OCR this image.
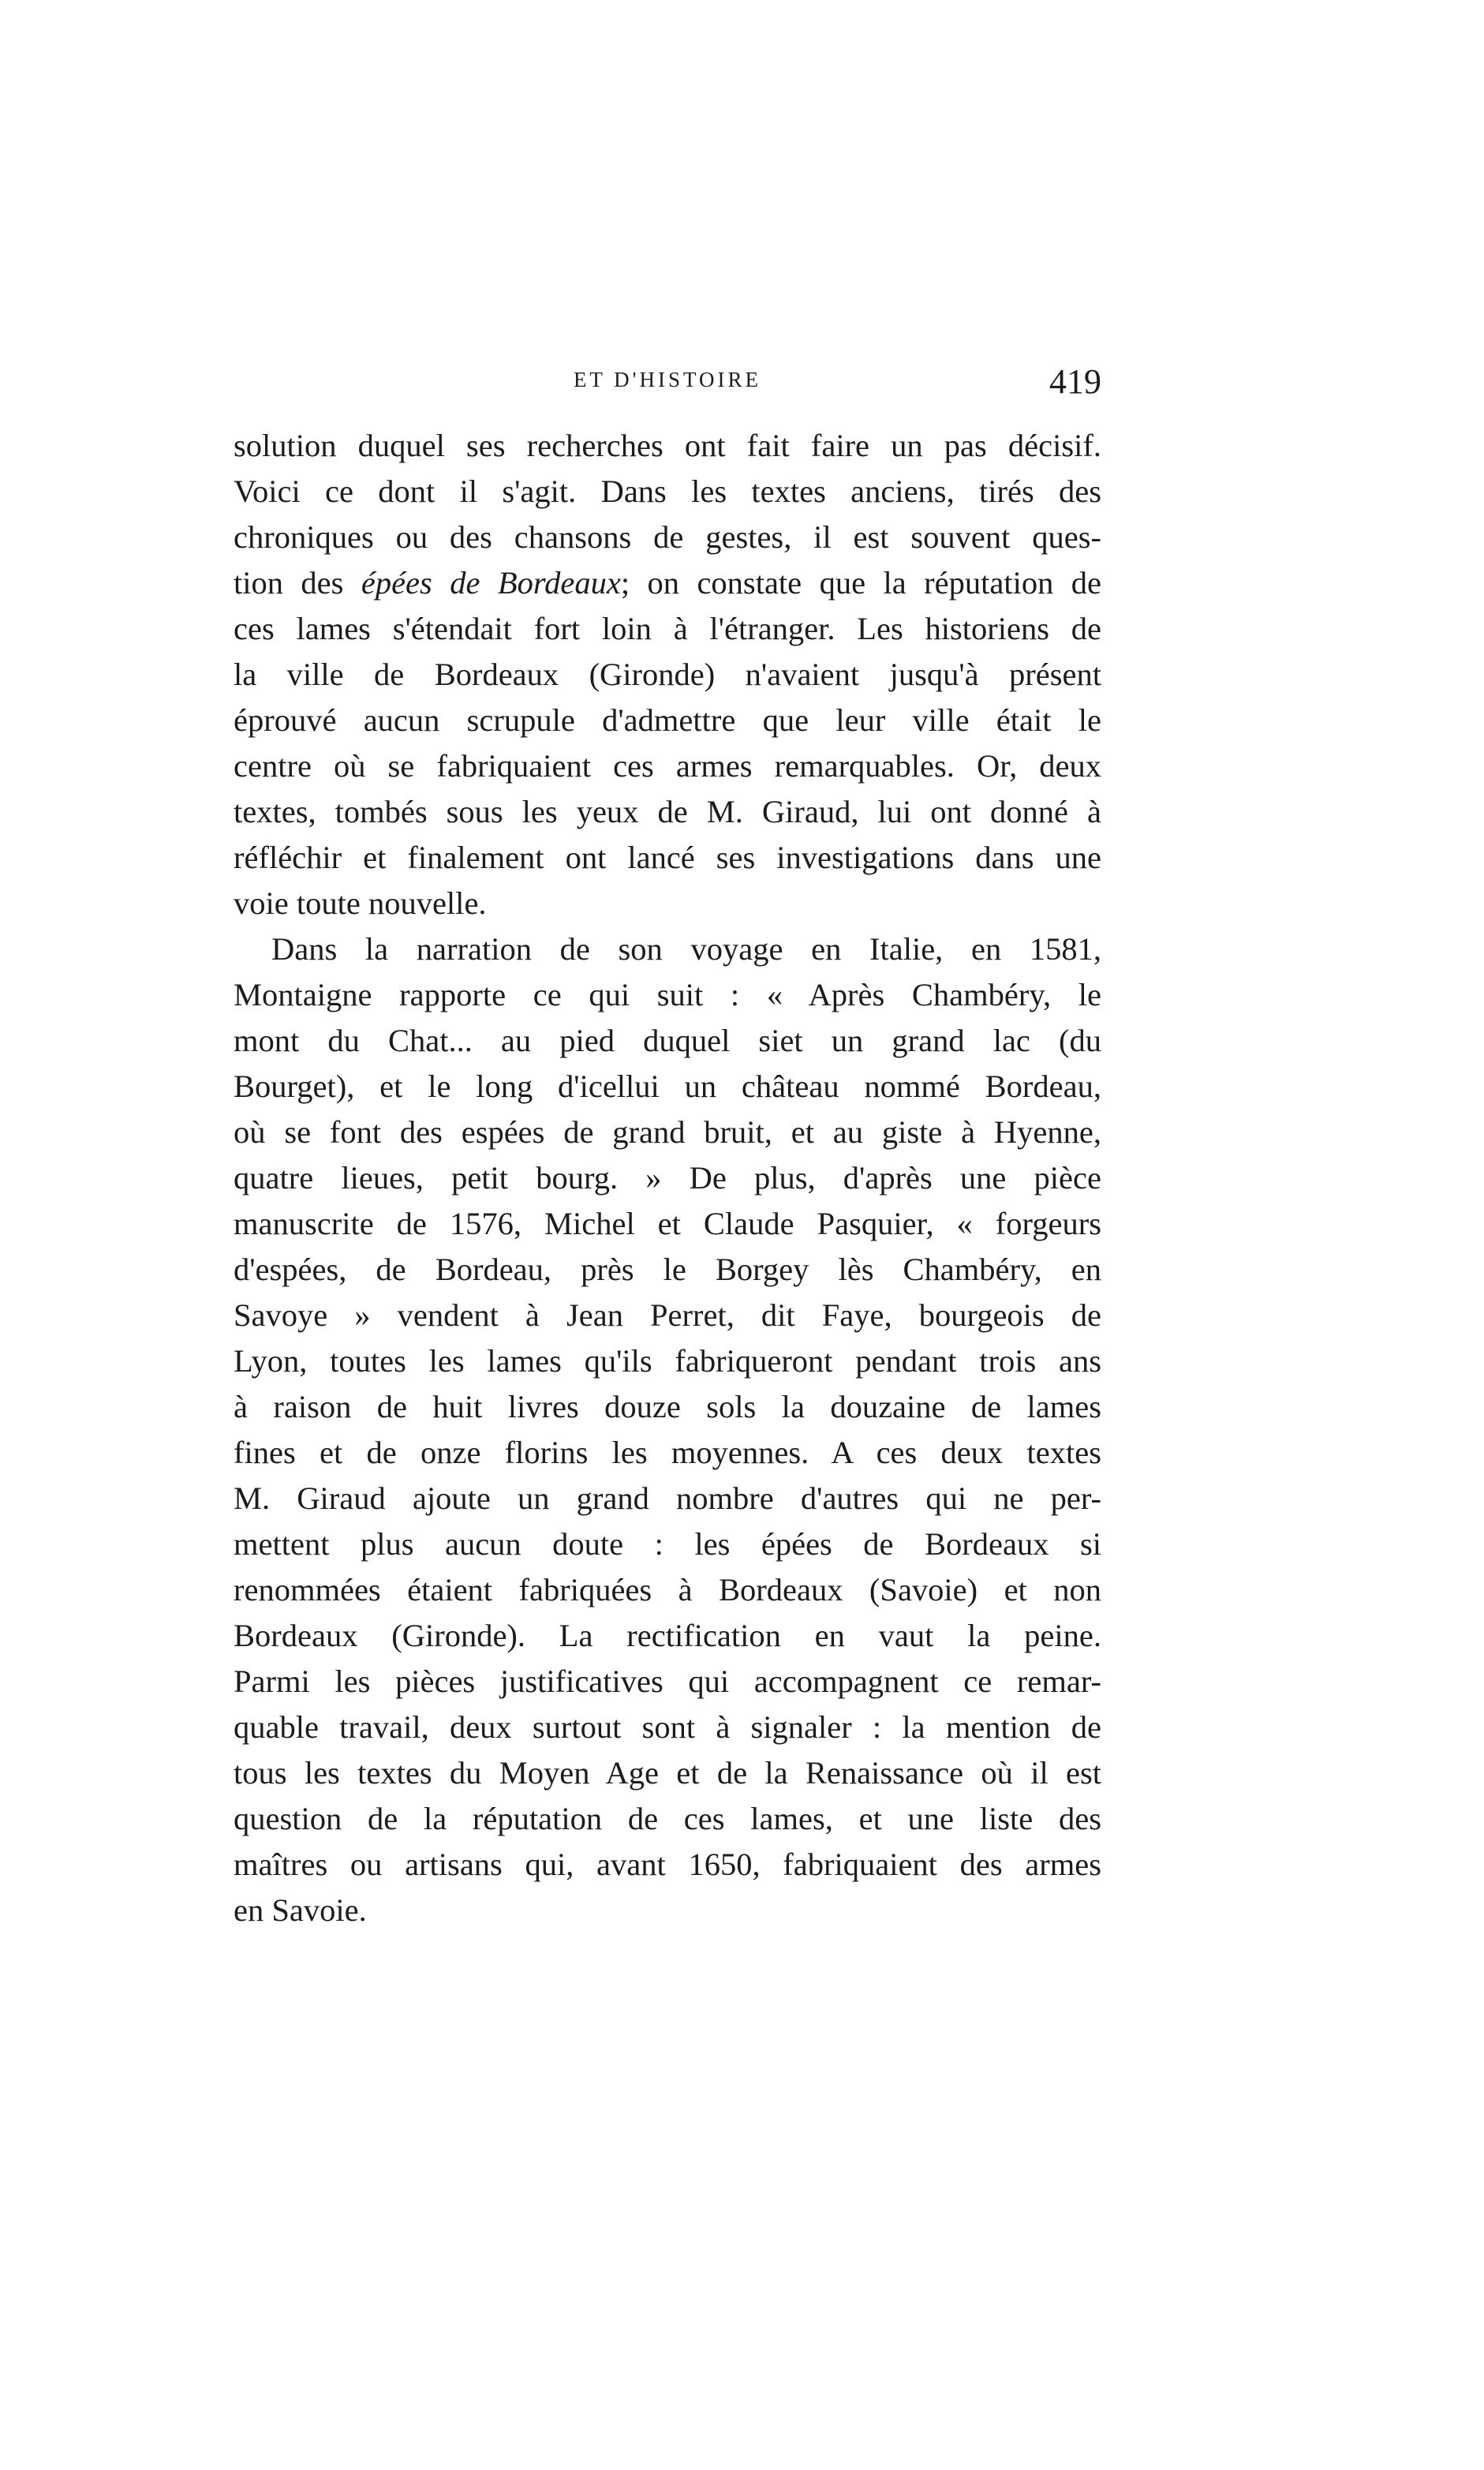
ET D'HISTOIRE	419
solution duquel ses recherches ont fait faire un pas décisif.
Voici ce dont il s'agit. Dans les textes anciens, tirés des
chroniques ou des chansons de gestes, il est souvent ques-
tion des épées de Bordeaux; on constate que la réputation de
ces lames s'étendait fort loin à l'étranger. Les historiens de
la ville de Bordeaux (Gironde) n'avaient jusqu'à présent
éprouvé aucun scrupule d'admettre que leur ville était le
centre où se fabriquaient ces armes remarquables. Or, deux
textes, tombés sous les yeux de M. Giraud, lui ont donné à
réfléchir et finalement ont lancé ses investigations dans une
voie toute nouvelle.
Dans la narration de son voyage en Italie, en 1581,
Montaigne rapporte ce qui suit : « Après Chambéry, le
mont du Chat... au pied duquel siet un grand lac (du
Bourget), et le long d'icellui un château nommé Bordeau,
où se font des espées de grand bruit, et au giste à Hyenne,
quatre lieues, petit bourg. » De plus, d'après une pièce
manuscrite de 1576, Michel et Claude Pasquier, « forgeurs
d'espées, de Bordeau, près le Borgey lès Chambéry, en
Savoye » vendent à Jean Perret, dit Faye, bourgeois de
Lyon, toutes les lames qu'ils fabriqueront pendant trois ans
à raison de huit livres douze sols la douzaine de lames
fines et de onze florins les moyennes. A ces deux textes
M. Giraud ajoute un grand nombre d'autres qui ne per-
mettent plus aucun doute : les épées de Bordeaux si
renommées étaient fabriquées à Bordeaux (Savoie) et non
Bordeaux (Gironde). La rectification en vaut la peine.
Parmi les pièces justificatives qui accompagnent ce remar-
quable travail, deux surtout sont à signaler : la mention de
tous les textes du Moyen Age et de la Renaissance où il est
question de la réputation de ces lames, et une liste des
maîtres ou artisans qui, avant 1650, fabriquaient des armes
en Savoie.
